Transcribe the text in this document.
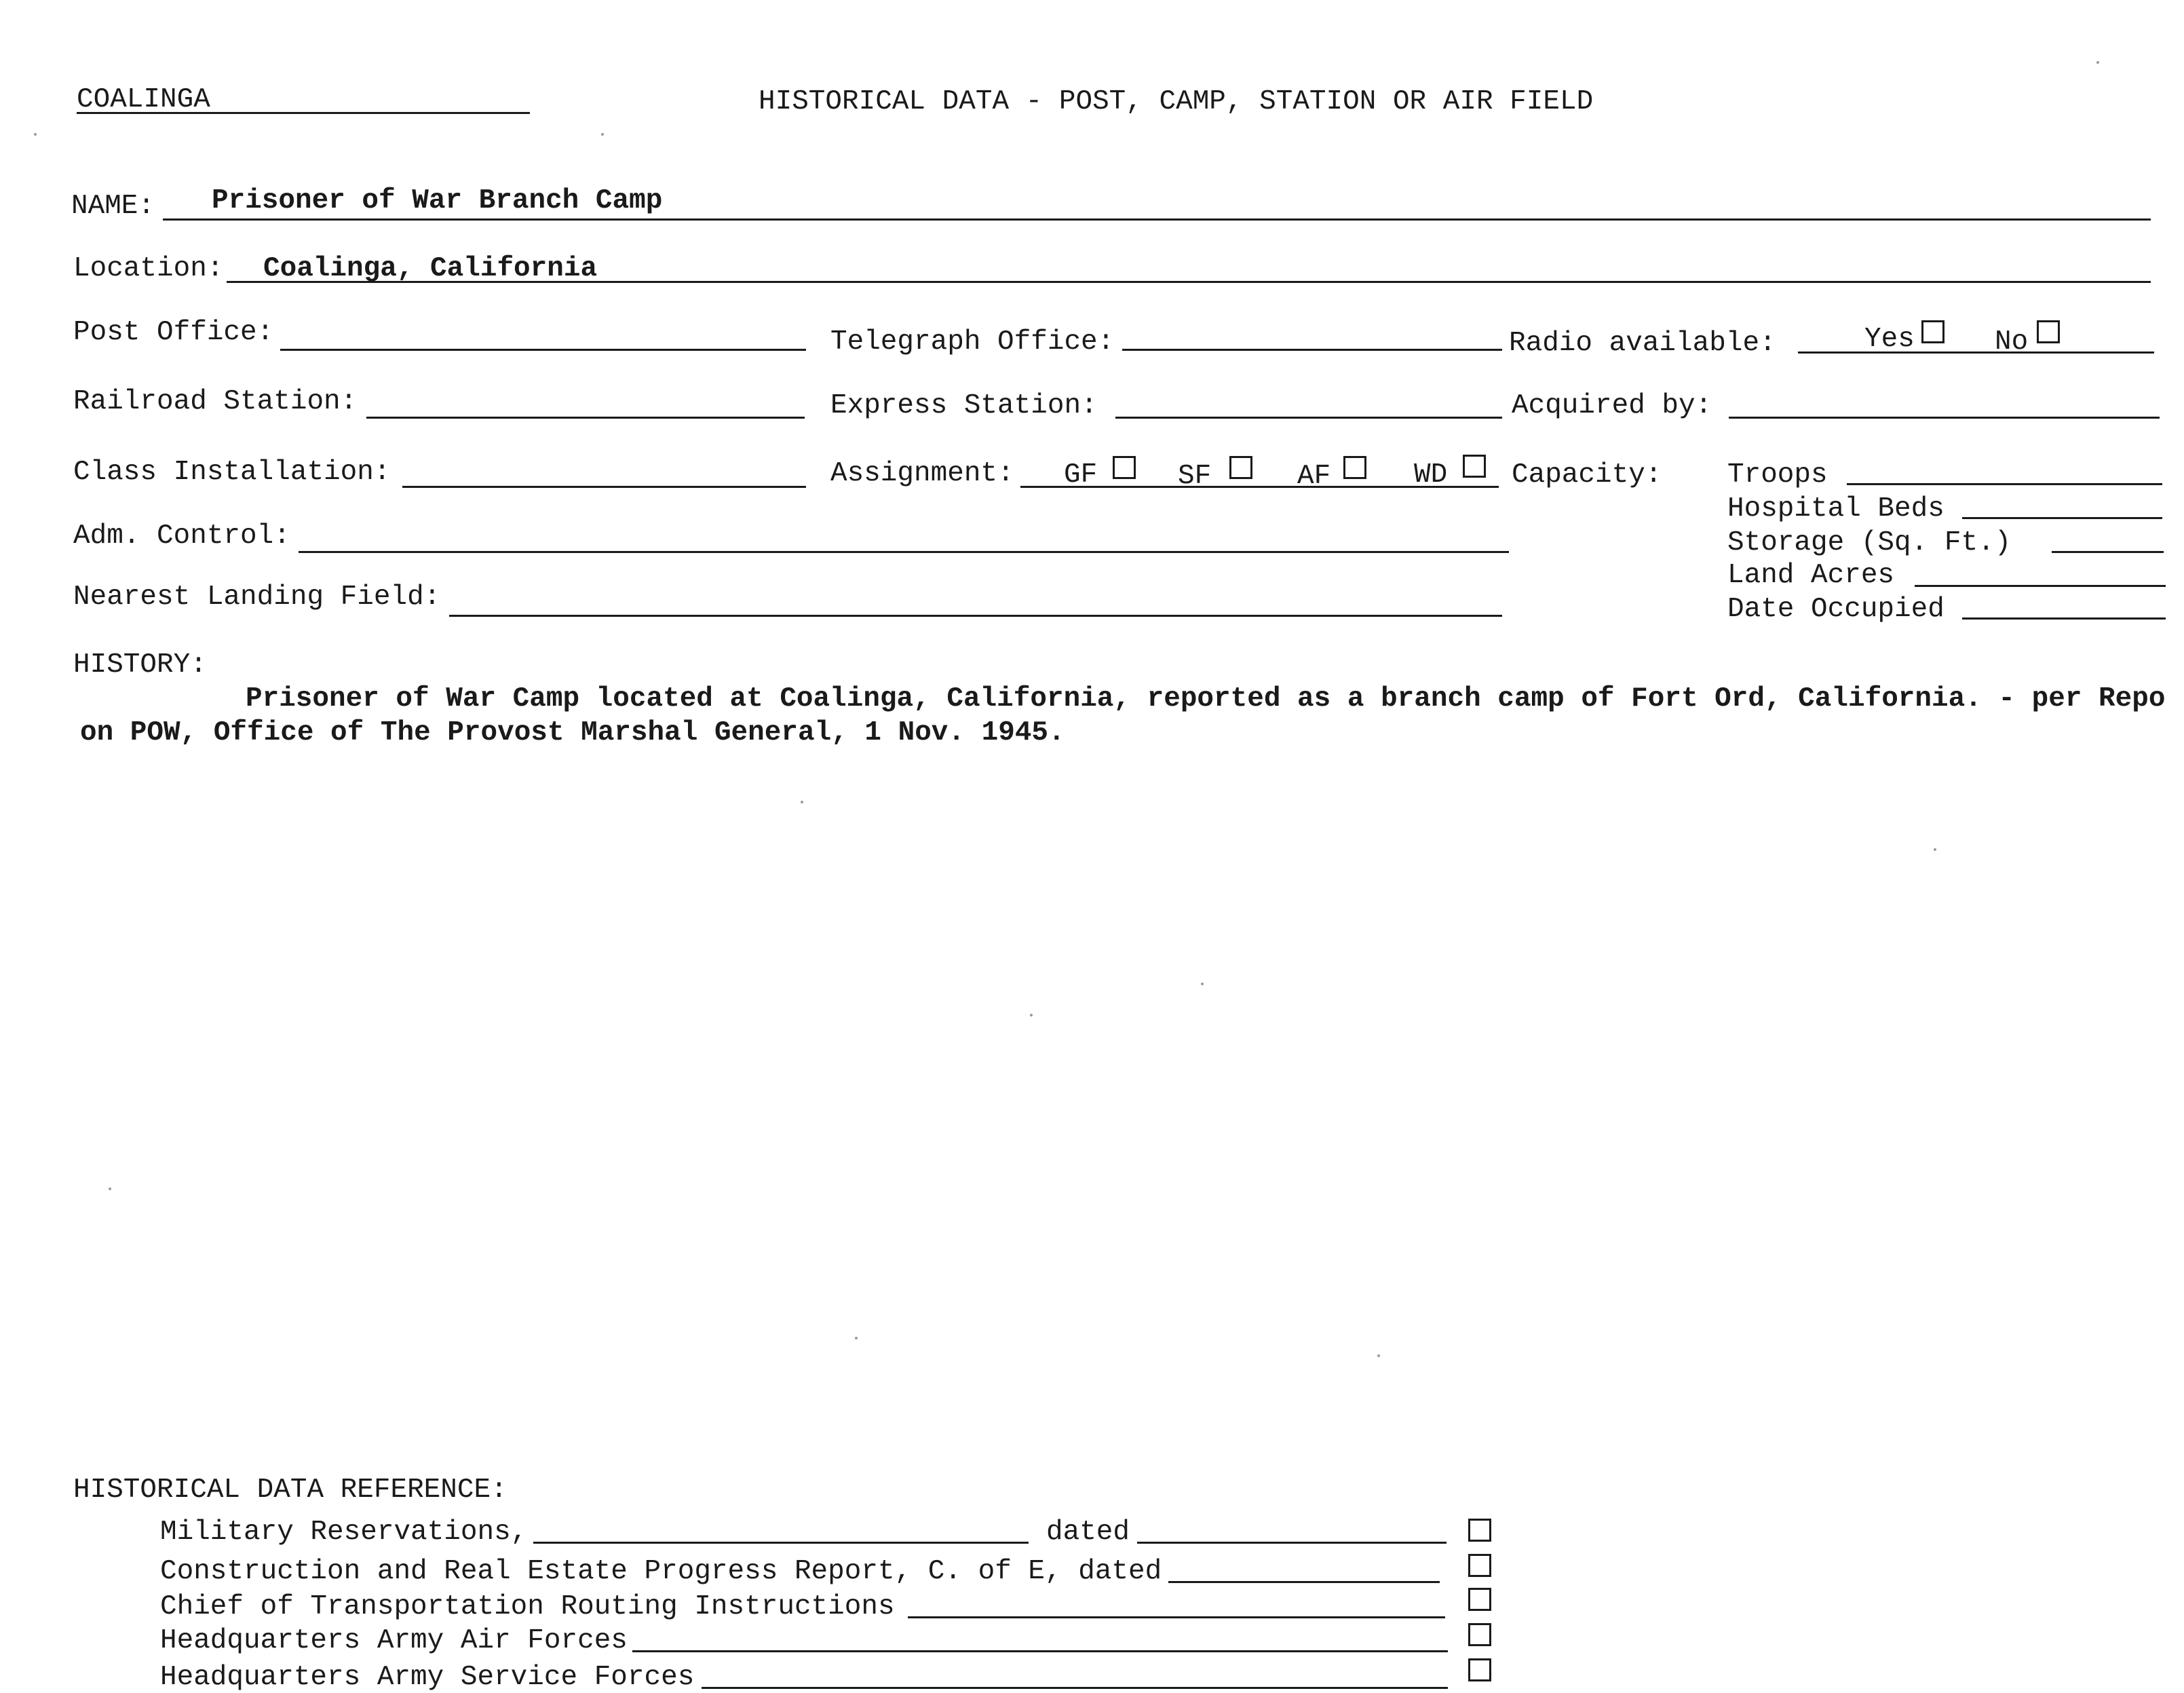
COALINGA	HISTORICAL DATA - POST, CAMP, STATION OR AIR FIELD
NAME: Prisoner of War Branch Camp
Location: Coalinga, California
Post Office:	Telegraph Office:	Radio available:	Yes	No
Railroad Station:	Express Station:	Acquired by:
Class Installation:	Assignment: GF	SF	AF	WD Capacity: Troops
Hospital Beds
Storage (Sq. Ft.)
Land Acres
Date Occupied
Adm. Control:
Nearest Landing Field:
HISTORY:
Prisoner of War Camp located at Coalinga, California, reported as a branch camp of Fort Ord, California. - per Repo
on POW, Office of The Provost Marshal General, 1 Nov. 1945.
HISTORICAL DATA REFERENCE:
Military Reservations,	dated
Construction and Real Estate Progress Report, C. of E, dated
Chief of Transportation Routing Instructions
Headquarters Army Air Forces
Headquarters Army Service Forces
